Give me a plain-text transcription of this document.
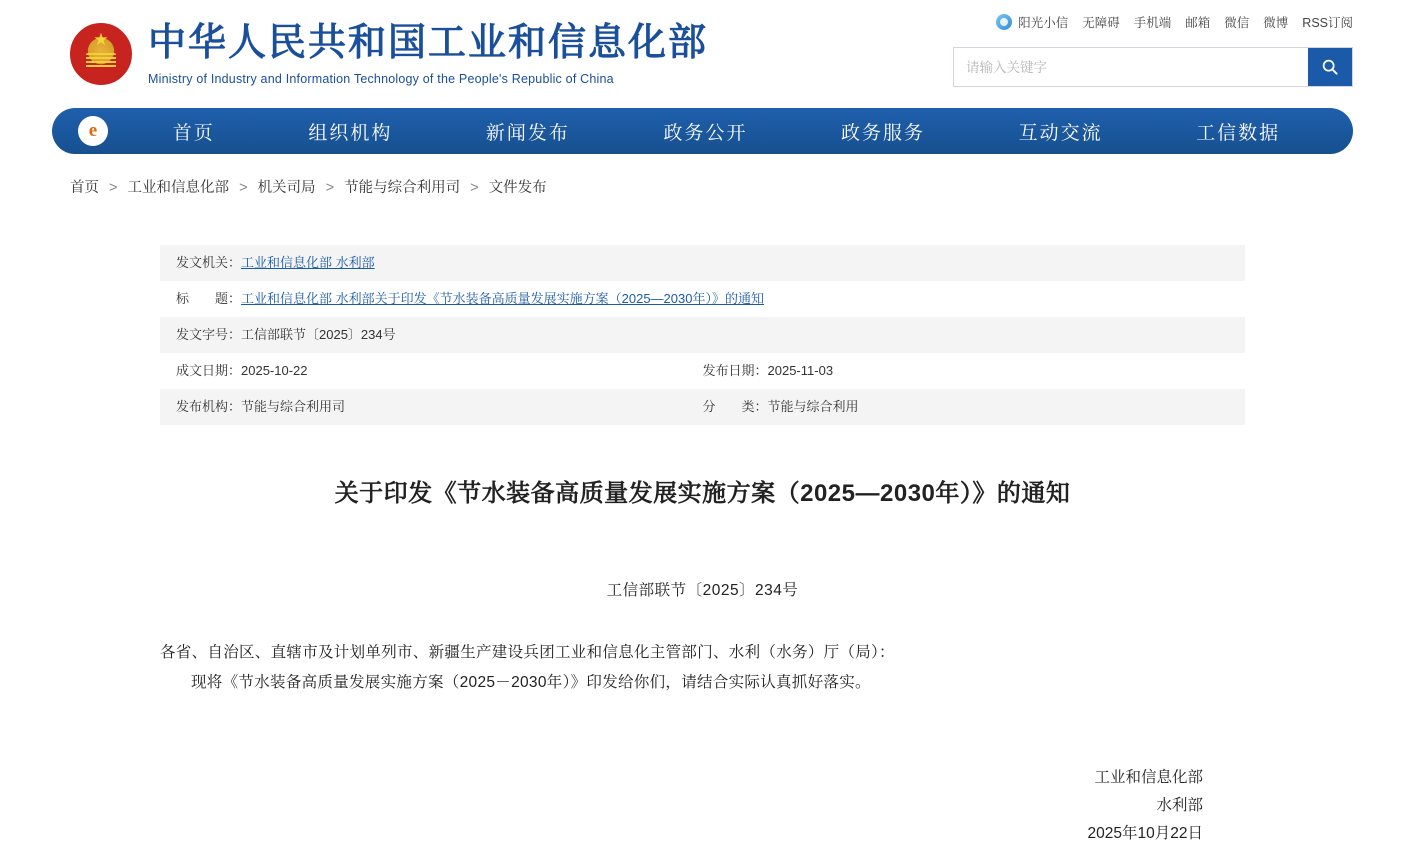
★
中华人民共和国工业和信息化部
Ministry of Industry and Information Technology of the People's Republic of China
阳光小信 无障碍 手机端 邮箱 微信 微博 RSS订阅
请输入关键字
e	首页	组织机构	新闻发布	政务公开	政务服务	互动交流	工信数据
首页 > 工业和信息化部 > 机关司局 > 节能与综合利用司 > 文件发布
发文机关： 工业和信息化部 水利部
标　　题： 工业和信息化部 水利部关于印发《节水装备高质量发展实施方案（2025—2030年）》的通知
发文字号： 工信部联节〔2025〕234号
成文日期： 2025-10-22	发布日期： 2025-11-03
发布机构： 节能与综合利用司	分　　类： 节能与综合利用
关于印发《节水装备高质量发展实施方案（2025—2030年）》的通知
工信部联节〔2025〕234号

各省、自治区、直辖市及计划单列市、新疆生产建设兵团工业和信息化主管部门、水利（水务）厅（局）：

现将《节水装备高质量发展实施方案（2025－2030年）》印发给你们，请结合实际认真抓好落实。

工业和信息化部
水利部
2025年10月22日
